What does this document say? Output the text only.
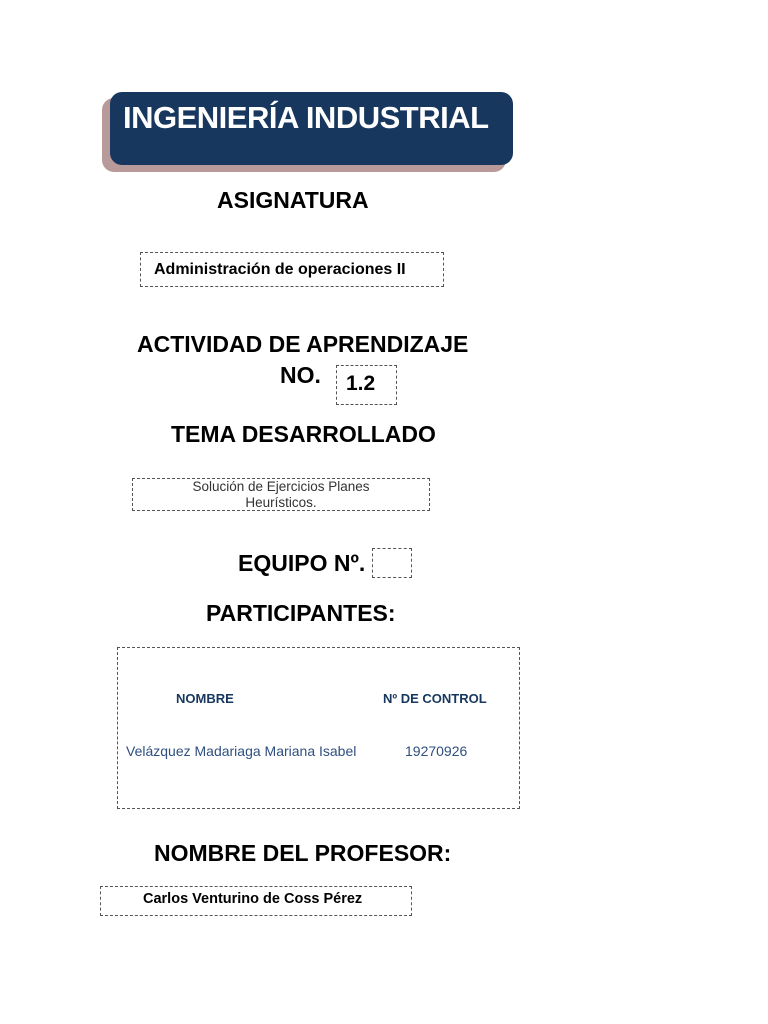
INGENIERÍA INDUSTRIAL
ASIGNATURA
Administración de operaciones II
ACTIVIDAD DE APRENDIZAJE
NO. 1.2
TEMA DESARROLLADO
Solución de Ejercicios Planes
Heurísticos.
EQUIPO Nº.
PARTICIPANTES:
NOMBRE	Nº DE CONTROL
Velázquez Madariaga Mariana Isabel	19270926
NOMBRE DEL PROFESOR:
Carlos Venturino de Coss Pérez
